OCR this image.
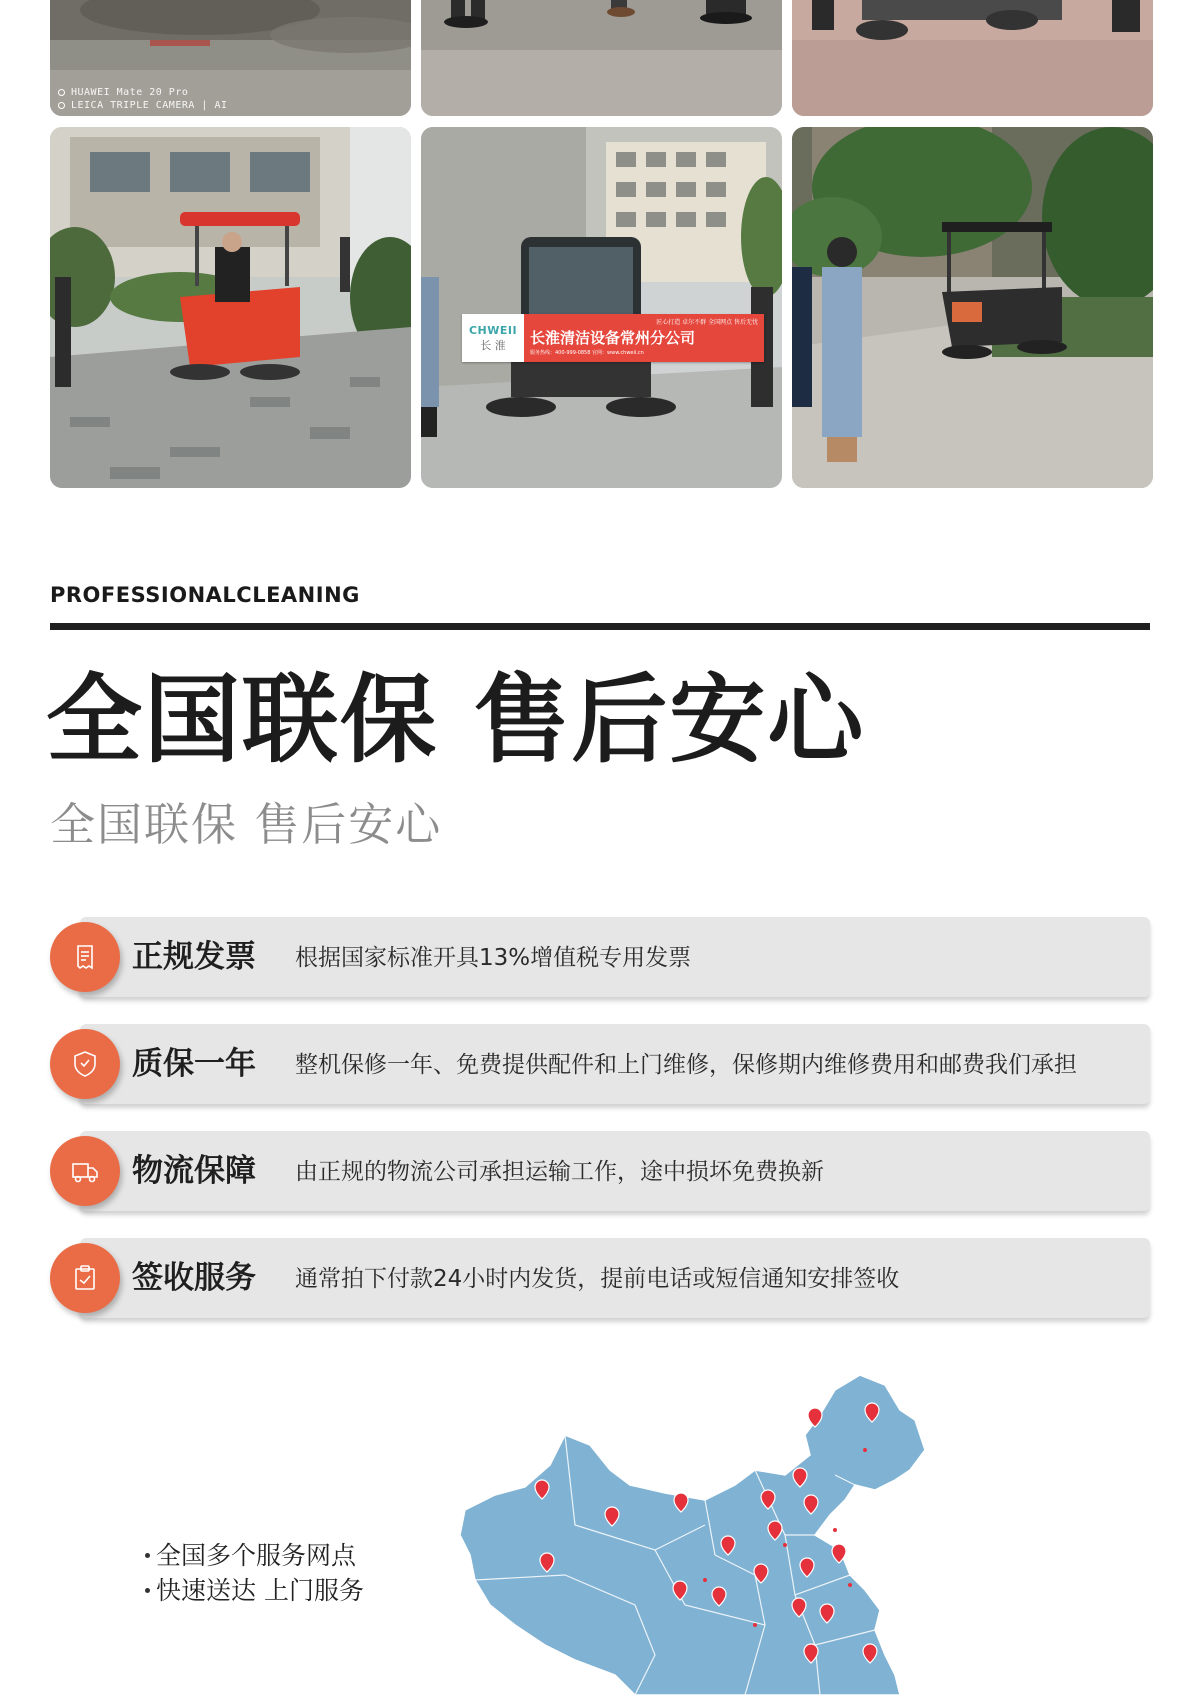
HUAWEI Mate 20 Pro
LEICA TRIPLE CAMERA | AI
CHWEII
长 淮
匠心打造 卓尔不群 全国网点 售后无忧
长淮清洁设备常州分公司
服务热线：400-999-0858 官网：www.chweii.cn
PROFESSIONALCLEANING
全国联保 售后安心
全国联保 售后安心
正规发票 根据国家标准开具13%增值税专用发票
质保一年 整机保修一年、免费提供配件和上门维修，保修期内维修费用和邮费我们承担
物流保障 由正规的物流公司承担运输工作，途中损坏免费换新
签收服务 通常拍下付款24小时内发货，提前电话或短信通知安排签收
全国多个服务网点
快速送达 上门服务
